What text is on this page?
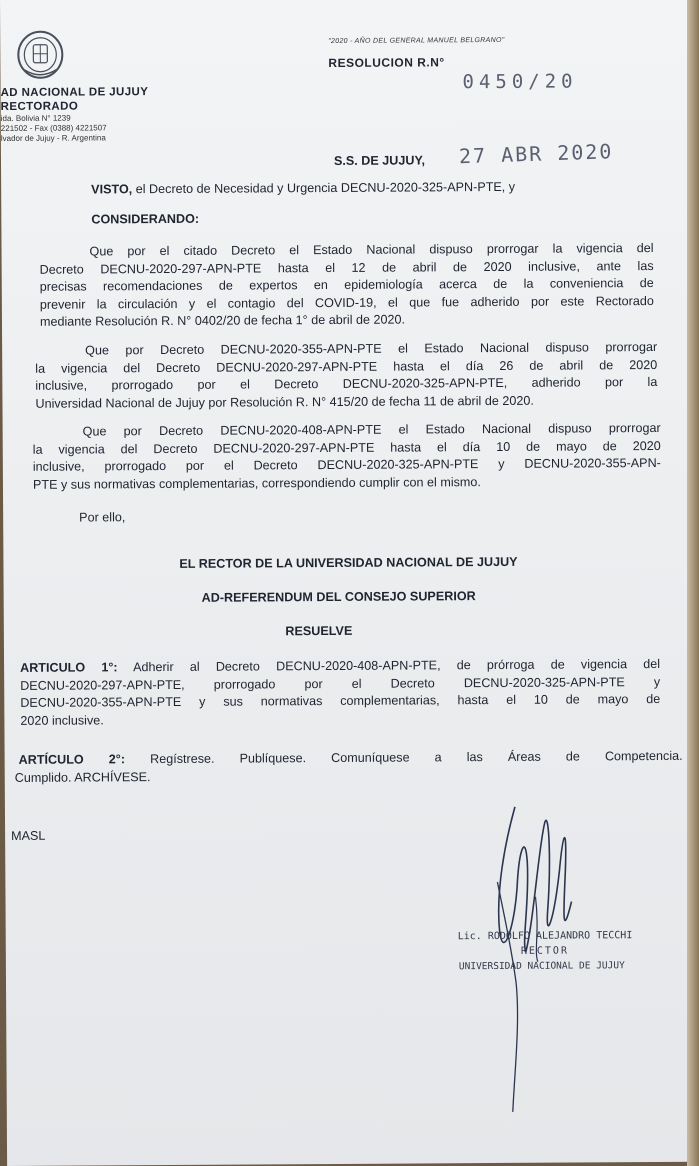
AD NACIONAL DE JUJUY
RECTORADO
ida. Bolivia N° 1239
221502 - Fax (0388) 4221507
lvador de Jujuy - R. Argentina
"2020 - AÑO DEL GENERAL MANUEL BELGRANO"
RESOLUCION R.N°
0450/20
S.S. DE JUJUY, 27 ABR 2020
VISTO, el Decreto de Necesidad y Urgencia DECNU-2020-325-APN-PTE, y
CONSIDERANDO:
Que por el citado Decreto el Estado Nacional dispuso prorrogar la vigencia del
Decreto DECNU-2020-297-APN-PTE hasta el 12 de abril de 2020 inclusive, ante las
precisas recomendaciones de expertos en epidemiología acerca de la conveniencia de
prevenir la circulación y el contagio del COVID-19, el que fue adherido por este Rectorado
mediante Resolución R. N° 0402/20 de fecha 1° de abril de 2020.
Que por Decreto DECNU-2020-355-APN-PTE el Estado Nacional dispuso prorrogar
la vigencia del Decreto DECNU-2020-297-APN-PTE hasta el día 26 de abril de 2020
inclusive, prorrogado por el Decreto DECNU-2020-325-APN-PTE, adherido por la
Universidad Nacional de Jujuy por Resolución R. N° 415/20 de fecha 11 de abril de 2020.
Que por Decreto DECNU-2020-408-APN-PTE el Estado Nacional dispuso prorrogar
la vigencia del Decreto DECNU-2020-297-APN-PTE hasta el día 10 de mayo de 2020
inclusive, prorrogado por el Decreto DECNU-2020-325-APN-PTE y DECNU-2020-355-APN-
PTE y sus normativas complementarias, correspondiendo cumplir con el mismo.
Por ello,
EL RECTOR DE LA UNIVERSIDAD NACIONAL DE JUJUY
AD-REFERENDUM DEL CONSEJO SUPERIOR
RESUELVE
ARTICULO 1°: Adherir al Decreto DECNU-2020-408-APN-PTE, de prórroga de vigencia del
DECNU-2020-297-APN-PTE, prorrogado por el Decreto DECNU-2020-325-APN-PTE y
DECNU-2020-355-APN-PTE y sus normativas complementarias, hasta el 10 de mayo de
2020 inclusive.
ARTÍCULO 2°: Regístrese. Publíquese. Comuníquese a las Áreas de Competencia.
Cumplido. ARCHÍVESE.
MASL
Lic. RODOLFO ALEJANDRO TECCHI
RECTOR
UNIVERSIDAD NACIONAL DE JUJUY
